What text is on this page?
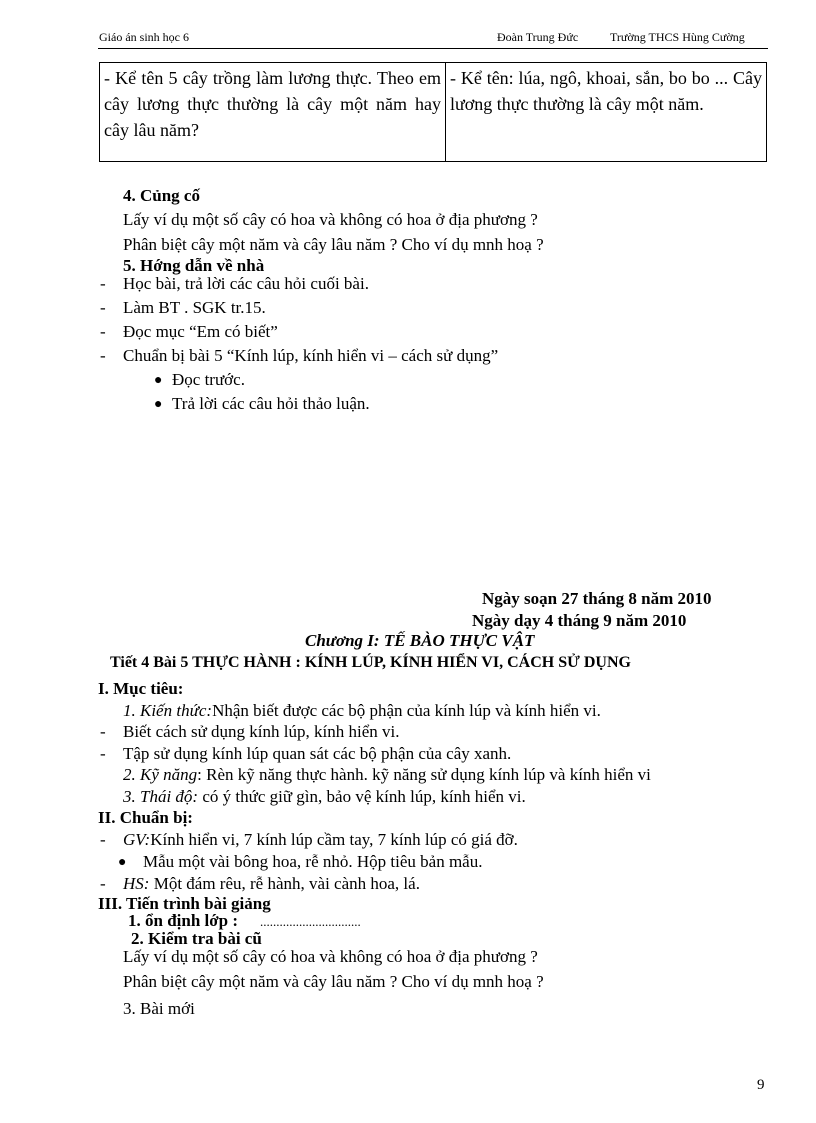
Giáo án sinh học 6	Đoàn Trung Đức	Trường THCS Hùng Cường
- Kể tên 5 cây trồng làm lương thực. Theo em cây lương thực thường là cây một năm hay cây lâu năm?	- Kể tên: lúa, ngô, khoai, sắn, bo bo ... Cây lương thực thường là cây một năm.
4. Củng cố
Lấy ví dụ một số cây có hoa và không có hoa ở địa phương ?
Phân biệt cây một năm và cây lâu năm ? Cho ví dụ mnh hoạ ?
5. Hớng dẫn về nhà
- Học bài, trả lời các câu hỏi cuối bài.
- Làm BT . SGK tr.15.
- Đọc mục “Em có biết”
- Chuẩn bị bài 5 “Kính lúp, kính hiển vi – cách sử dụng”
● Đọc trước.
● Trả lời các câu hỏi thảo luận.
Ngày soạn 27 tháng 8 năm 2010
Ngày dạy 4 tháng 9 năm 2010
Chương I: TẾ BÀO THỰC VẬT
Tiết 4 Bài 5 THỰC HÀNH : KÍNH LÚP, KÍNH HIỂN VI, CÁCH SỬ DỤNG
I. Mục tiêu:
1. Kiến thức:Nhận biết được các bộ phận của kính lúp và kính hiển vi.
- Biết cách sử dụng kính lúp, kính hiển vi.
- Tập sử dụng kính lúp quan sát các bộ phận của cây xanh.
2. Kỹ năng: Rèn kỹ năng thực hành. kỹ năng sử dụng kính lúp và kính hiển vi
3. Thái độ: có ý thức giữ gìn, bảo vệ kính lúp, kính hiển vi.
II. Chuẩn bị:
- GV:Kính hiển vi, 7 kính lúp cầm tay, 7 kính lúp có giá đỡ.
● Mẫu một vài bông hoa, rễ nhỏ. Hộp tiêu bản mẫu.
- HS: Một đám rêu, rễ hành, vài cành hoa, lá.
III. Tiến trình bài giảng
1. ổn định lớp : ...............................
2. Kiểm tra bài cũ
Lấy ví dụ một số cây có hoa và không có hoa ở địa phương ?
Phân biệt cây một năm và cây lâu năm ? Cho ví dụ mnh hoạ ?
3. Bài mới
9
